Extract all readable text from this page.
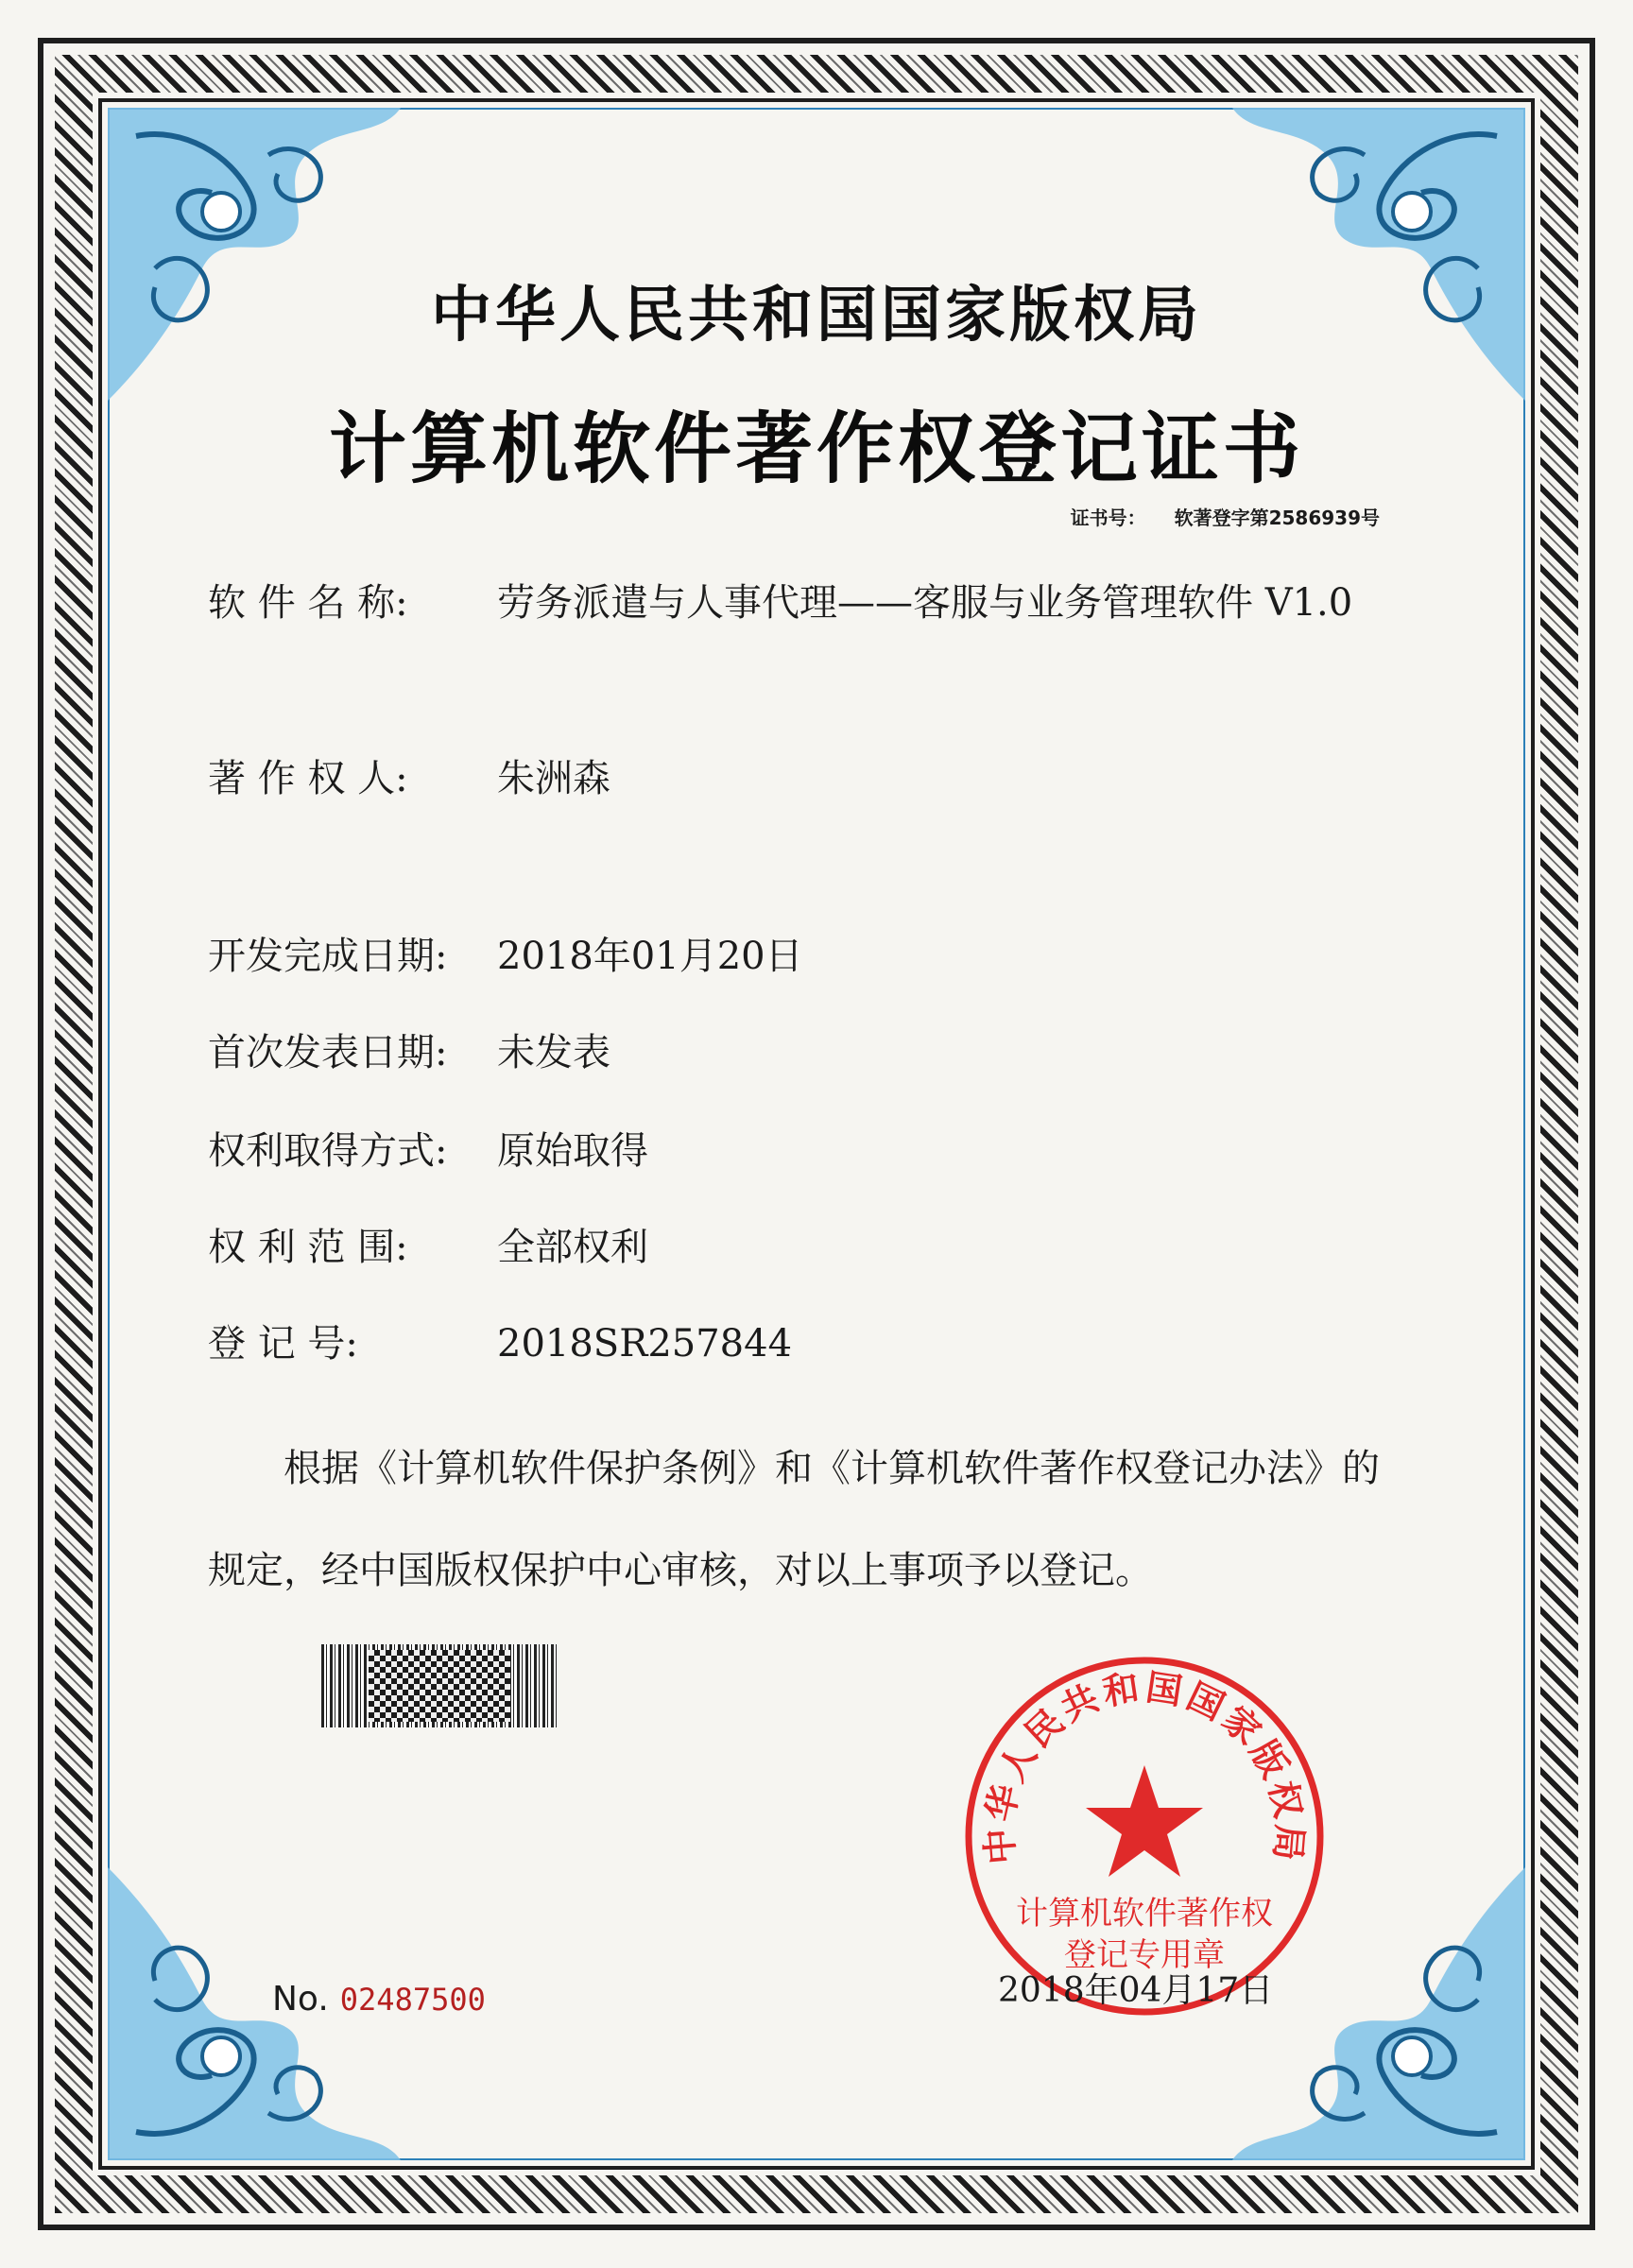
中华人民共和国国家版权局
计算机软件著作权登记证书
证书号： 软著登字第2586939号
软 件 名 称: 劳务派遣与人事代理——客服与业务管理软件 V1.0
著 作 权 人: 朱洲森
开发完成日期: 2018年01月20日
首次发表日期: 未发表
权利取得方式: 原始取得
权 利 范 围: 全部权利
登 记 号:	2018SR257844
根据《计算机软件保护条例》和《计算机软件著作权登记办法》的
规定，经中国版权保护中心审核，对以上事项予以登记。
中华人民共和国国家版权局
计算机软件著作权
登记专用章
No. 02487500	2018年04月17日
